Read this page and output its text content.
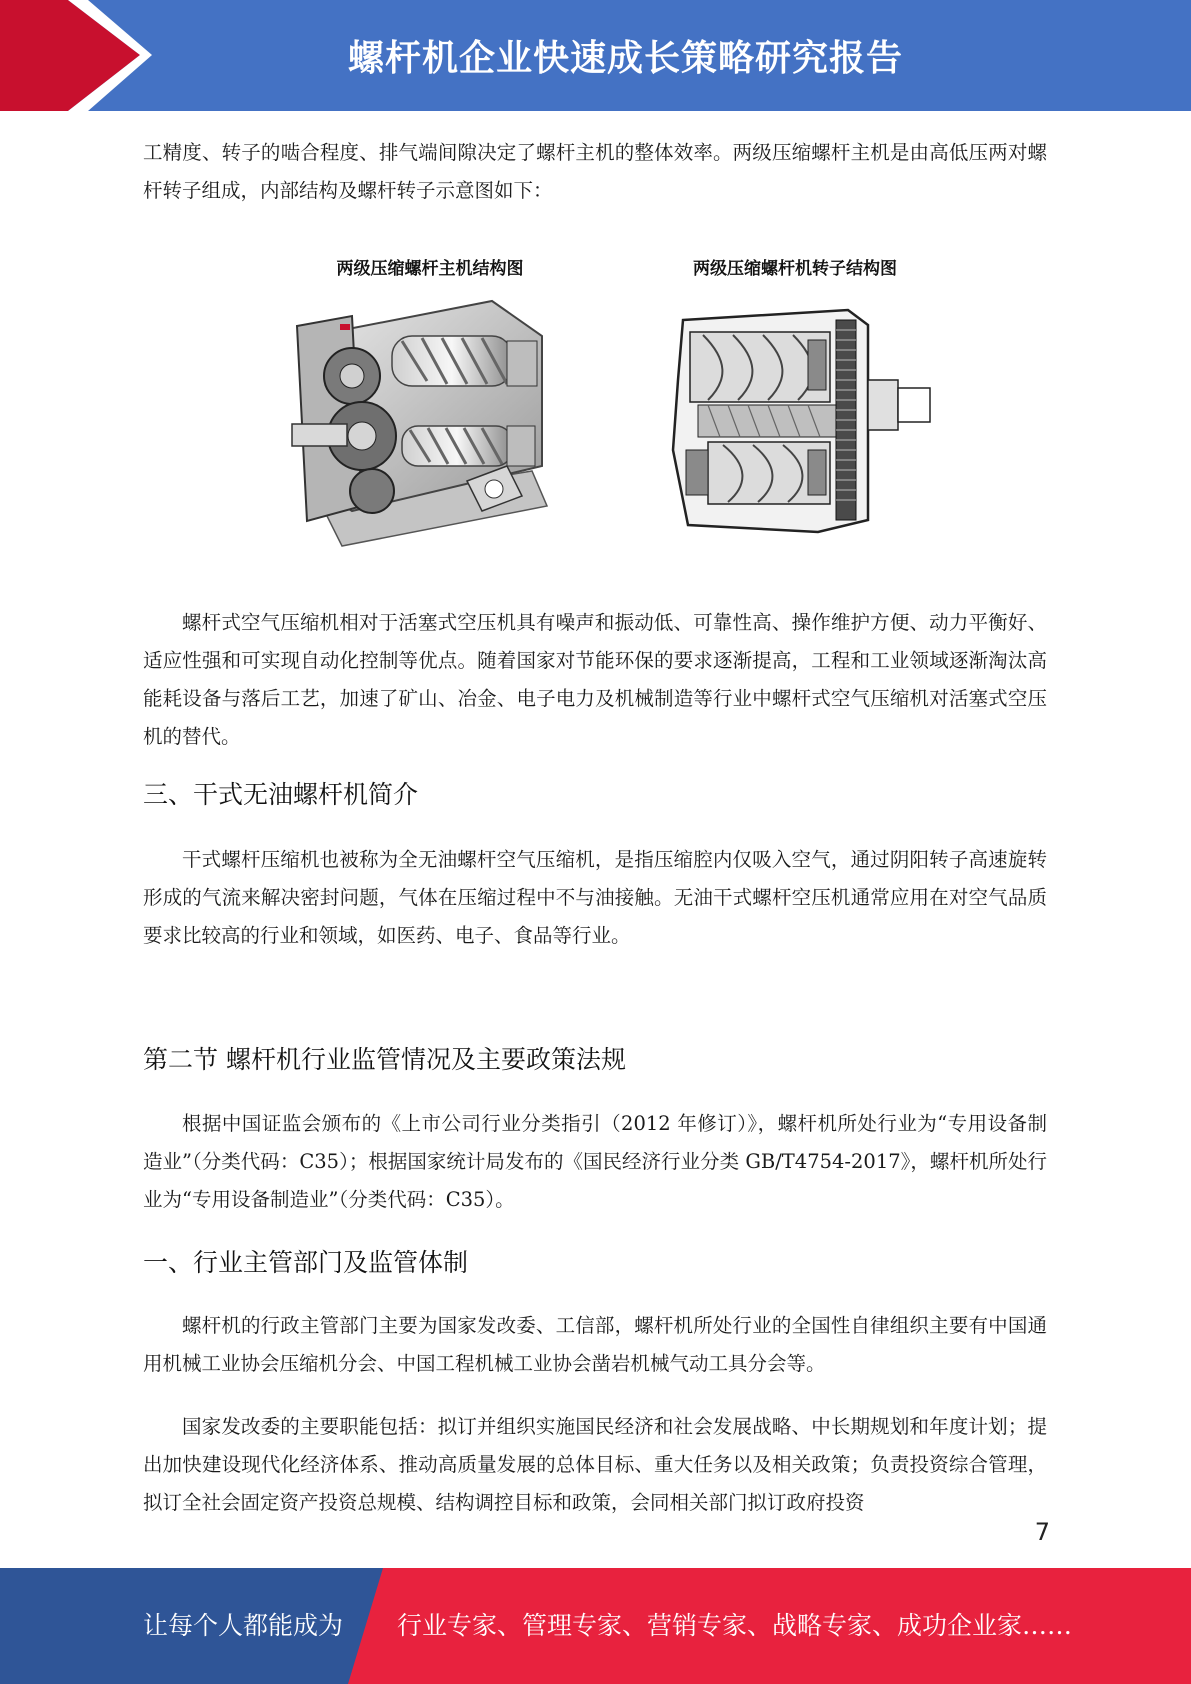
螺杆机企业快速成长策略研究报告

工精度、转子的啮合程度、排气端间隙决定了螺杆主机的整体效率。两级压缩螺杆主机是由高低压两对螺杆转子组成，内部结构及螺杆转子示意图如下：

两级压缩螺杆主机结构图	两级压缩螺杆机转子结构图

螺杆式空气压缩机相对于活塞式空压机具有噪声和振动低、可靠性高、操作维护方便、动力平衡好、适应性强和可实现自动化控制等优点。随着国家对节能环保的要求逐渐提高，工程和工业领域逐渐淘汰高能耗设备与落后工艺，加速了矿山、冶金、电子电力及机械制造等行业中螺杆式空气压缩机对活塞式空压机的替代。

三、干式无油螺杆机简介

干式螺杆压缩机也被称为全无油螺杆空气压缩机，是指压缩腔内仅吸入空气，通过阴阳转子高速旋转形成的气流来解决密封问题，气体在压缩过程中不与油接触。无油干式螺杆空压机通常应用在对空气品质要求比较高的行业和领域，如医药、电子、食品等行业。

第二节 螺杆机行业监管情况及主要政策法规

根据中国证监会颁布的《上市公司行业分类指引（2012 年修订）》，螺杆机所处行业为“专用设备制造业”（分类代码：C35）；根据国家统计局发布的《国民经济行业分类 GB/T4754-2017》，螺杆机所处行业为“专用设备制造业”（分类代码：C35）。

一、行业主管部门及监管体制

螺杆机的行政主管部门主要为国家发改委、工信部，螺杆机所处行业的全国性自律组织主要有中国通用机械工业协会压缩机分会、中国工程机械工业协会凿岩机械气动工具分会等。

国家发改委的主要职能包括：拟订并组织实施国民经济和社会发展战略、中长期规划和年度计划；提出加快建设现代化经济体系、推动高质量发展的总体目标、重大任务以及相关政策；负责投资综合管理，拟订全社会固定资产投资总规模、结构调控目标和政策，会同相关部门拟订政府投资

7
让每个人都能成为 行业专家、管理专家、营销专家、战略专家、成功企业家……
